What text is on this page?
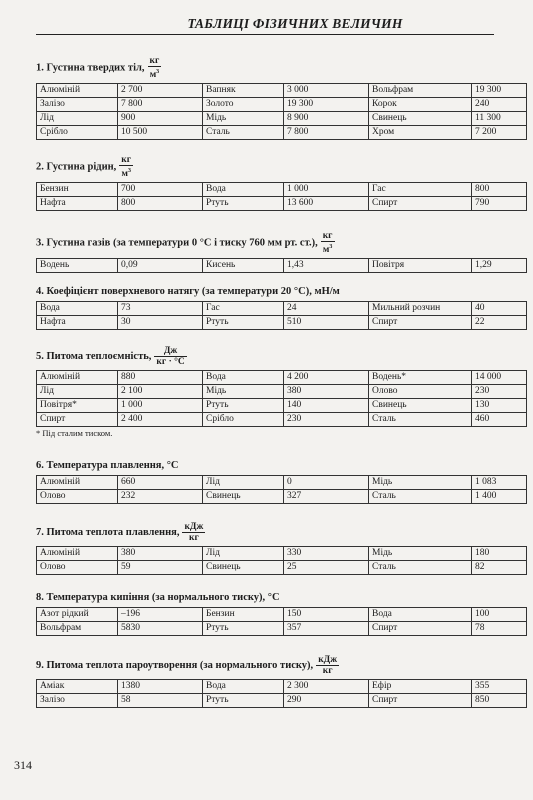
ТАБЛИЦІ ФІЗИЧНИХ ВЕЛИЧИН
1. Густина твердих тіл, $\frac{кг}{м^3}$
Алюміній	2 700	Вапняк	3 000	Вольфрам	19 300
Залізо	7 800	Золото	19 300	Корок	240
Лід	900	Мідь	8 900	Свинець	11 300
Срібло	10 500	Сталь	7 800	Хром	7 200
2. Густина рідин, $\frac{кг}{м^3}$
Бензин	700	Вода	1 000	Гас	800
Нафта	800	Ртуть	13 600	Спирт	790
3. Густина газів (за температури 0 °С і тиску 760 мм рт. ст.), $\frac{кг}{м^3}$
Водень	0,09	Кисень	1,43	Повітря	1,29
4. Коефіцієнт поверхневого натягу (за температури 20 °С), мН/м
Вода	73	Гас	24	Мильний розчин	40
Нафта	30	Ртуть	510	Спирт	22
5. Питома теплоємність, $\frac{Дж}{кг \cdot ^\circ С}$
Алюміній	880	Вода	4 200	Водень*	14 000
Лід	2 100	Мідь	380	Олово	230
Повітря*	1 000	Ртуть	140	Свинець	130
Спирт	2 400	Срібло	230	Сталь	460
* Під сталим тиском.
6. Температура плавлення, °С
Алюміній	660	Лід	0	Мідь	1 083
Олово	232	Свинець	327	Сталь	1 400
7. Питома теплота плавлення, $\frac{\text{кДж}}{кг}$
Алюміній	380	Лід	330	Мідь	180
Олово	59	Свинець	25	Сталь	82
8. Температура кипіння (за нормального тиску), °С
Азот рідкий	–196	Бензин	150	Вода	100
Вольфрам	5830	Ртуть	357	Спирт	78
9. Питома теплота пароутворення (за нормального тиску), $\frac{\text{кДж}}{кг}$
Аміак	1380	Вода	2 300	Ефір	355
Залізо	58	Ртуть	290	Спирт	850
314
